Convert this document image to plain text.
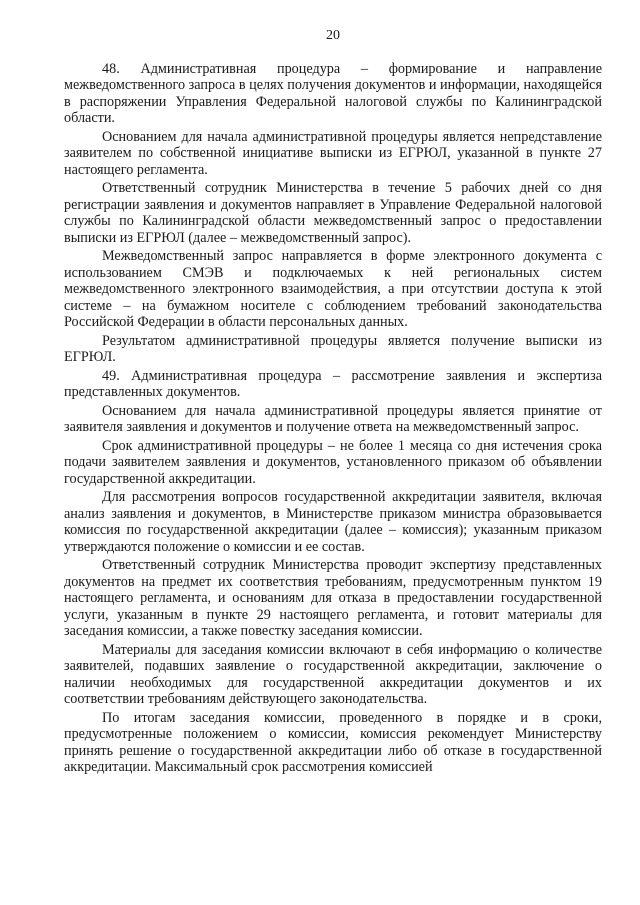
20

48. Административная процедура – формирование и направление межведомственного запроса в целях получения документов и информации, находящейся в распоряжении Управления Федеральной налоговой службы по Калининградской области.

Основанием для начала административной процедуры является непредставление заявителем по собственной инициативе выписки из ЕГРЮЛ, указанной в пункте 27 настоящего регламента.

Ответственный сотрудник Министерства в течение 5 рабочих дней со дня регистрации заявления и документов направляет в Управление Федеральной налоговой службы по Калининградской области межведомственный запрос о предоставлении выписки из ЕГРЮЛ (далее – межведомственный запрос).

Межведомственный запрос направляется в форме электронного документа с использованием СМЭВ и подключаемых к ней региональных систем межведомственного электронного взаимодействия, а при отсутствии доступа к этой системе – на бумажном носителе с соблюдением требований законодательства Российской Федерации в области персональных данных.

Результатом административной процедуры является получение выписки из ЕГРЮЛ.

49. Административная процедура – рассмотрение заявления и экспертиза представленных документов.

Основанием для начала административной процедуры является принятие от заявителя заявления и документов и получение ответа на межведомственный запрос.

Срок административной процедуры – не более 1 месяца со дня истечения срока подачи заявителем заявления и документов, установленного приказом об объявлении государственной аккредитации.

Для рассмотрения вопросов государственной аккредитации заявителя, включая анализ заявления и документов, в Министерстве приказом министра образовывается комиссия по государственной аккредитации (далее – комиссия); указанным приказом утверждаются положение о комиссии и ее состав.

Ответственный сотрудник Министерства проводит экспертизу представленных документов на предмет их соответствия требованиям, предусмотренным пунктом 19 настоящего регламента, и основаниям для отказа в предоставлении государственной услуги, указанным в пункте 29 настоящего регламента, и готовит материалы для заседания комиссии, а также повестку заседания комиссии.

Материалы для заседания комиссии включают в себя информацию о количестве заявителей, подавших заявление о государственной аккредитации, заключение о наличии необходимых для государственной аккредитации документов и их соответствии требованиям действующего законодательства.

По итогам заседания комиссии, проведенного в порядке и в сроки, предусмотренные положением о комиссии, комиссия рекомендует Министерству принять решение о государственной аккредитации либо об отказе в государственной аккредитации. Максимальный срок рассмотрения комиссией
